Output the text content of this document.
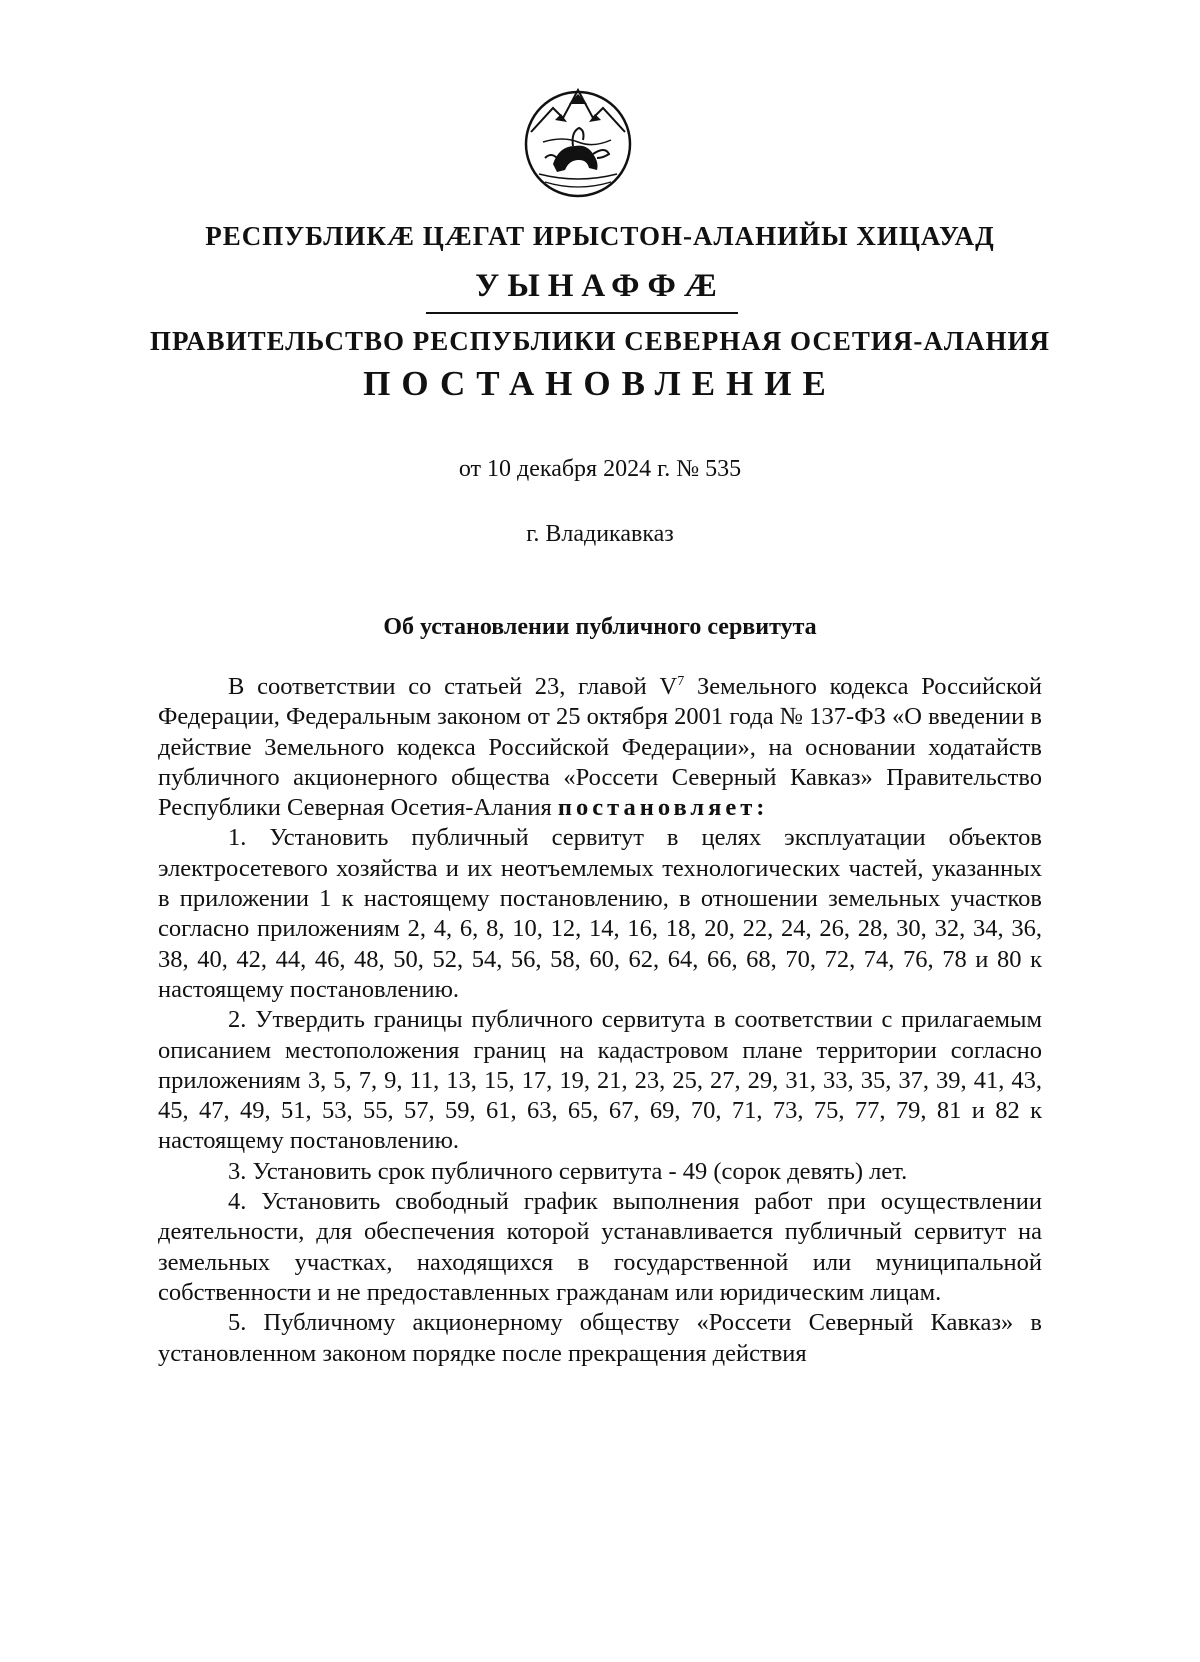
РЕСПУБЛИКӔ ЦӔГАТ ИРЫСТОН-АЛАНИЙЫ ХИЦАУАД
УЫНАФФӔ
ПРАВИТЕЛЬСТВО РЕСПУБЛИКИ СЕВЕРНАЯ ОСЕТИЯ-АЛАНИЯ
ПОСТАНОВЛЕНИЕ
от 10 декабря 2024 г. № 535
г. Владикавказ
Об установлении публичного сервитута

В соответствии со статьей 23, главой $V^7$ Земельного кодекса Российской Федерации, Федеральным законом от 25 октября 2001 года № 137-ФЗ «О введении в действие Земельного кодекса Российской Федерации», на основании ходатайств публичного акционерного общества «Россети Северный Кавказ» Правительство Республики Северная Осетия-Алания постановляет:

1. Установить публичный сервитут в целях эксплуатации объектов электросетевого хозяйства и их неотъемлемых технологических частей, указанных в приложении 1 к настоящему постановлению, в отношении земельных участков согласно приложениям 2, 4, 6, 8, 10, 12, 14, 16, 18, 20, 22, 24, 26, 28, 30, 32, 34, 36, 38, 40, 42, 44, 46, 48, 50, 52, 54, 56, 58, 60, 62, 64, 66, 68, 70, 72, 74, 76, 78 и 80 к настоящему постановлению.

2. Утвердить границы публичного сервитута в соответствии с прилагаемым описанием местоположения границ на кадастровом плане территории согласно приложениям 3, 5, 7, 9, 11, 13, 15, 17, 19, 21, 23, 25, 27, 29, 31, 33, 35, 37, 39, 41, 43, 45, 47, 49, 51, 53, 55, 57, 59, 61, 63, 65, 67, 69, 70, 71, 73, 75, 77, 79, 81 и 82 к настоящему постановлению.

3. Установить срок публичного сервитута - 49 (сорок девять) лет.

4. Установить свободный график выполнения работ при осуществлении деятельности, для обеспечения которой устанавливается публичный сервитут на земельных участках, находящихся в государственной или муниципальной собственности и не предоставленных гражданам или юридическим лицам.

5. Публичному акционерному обществу «Россети Северный Кавказ» в установленном законом порядке после прекращения действия
